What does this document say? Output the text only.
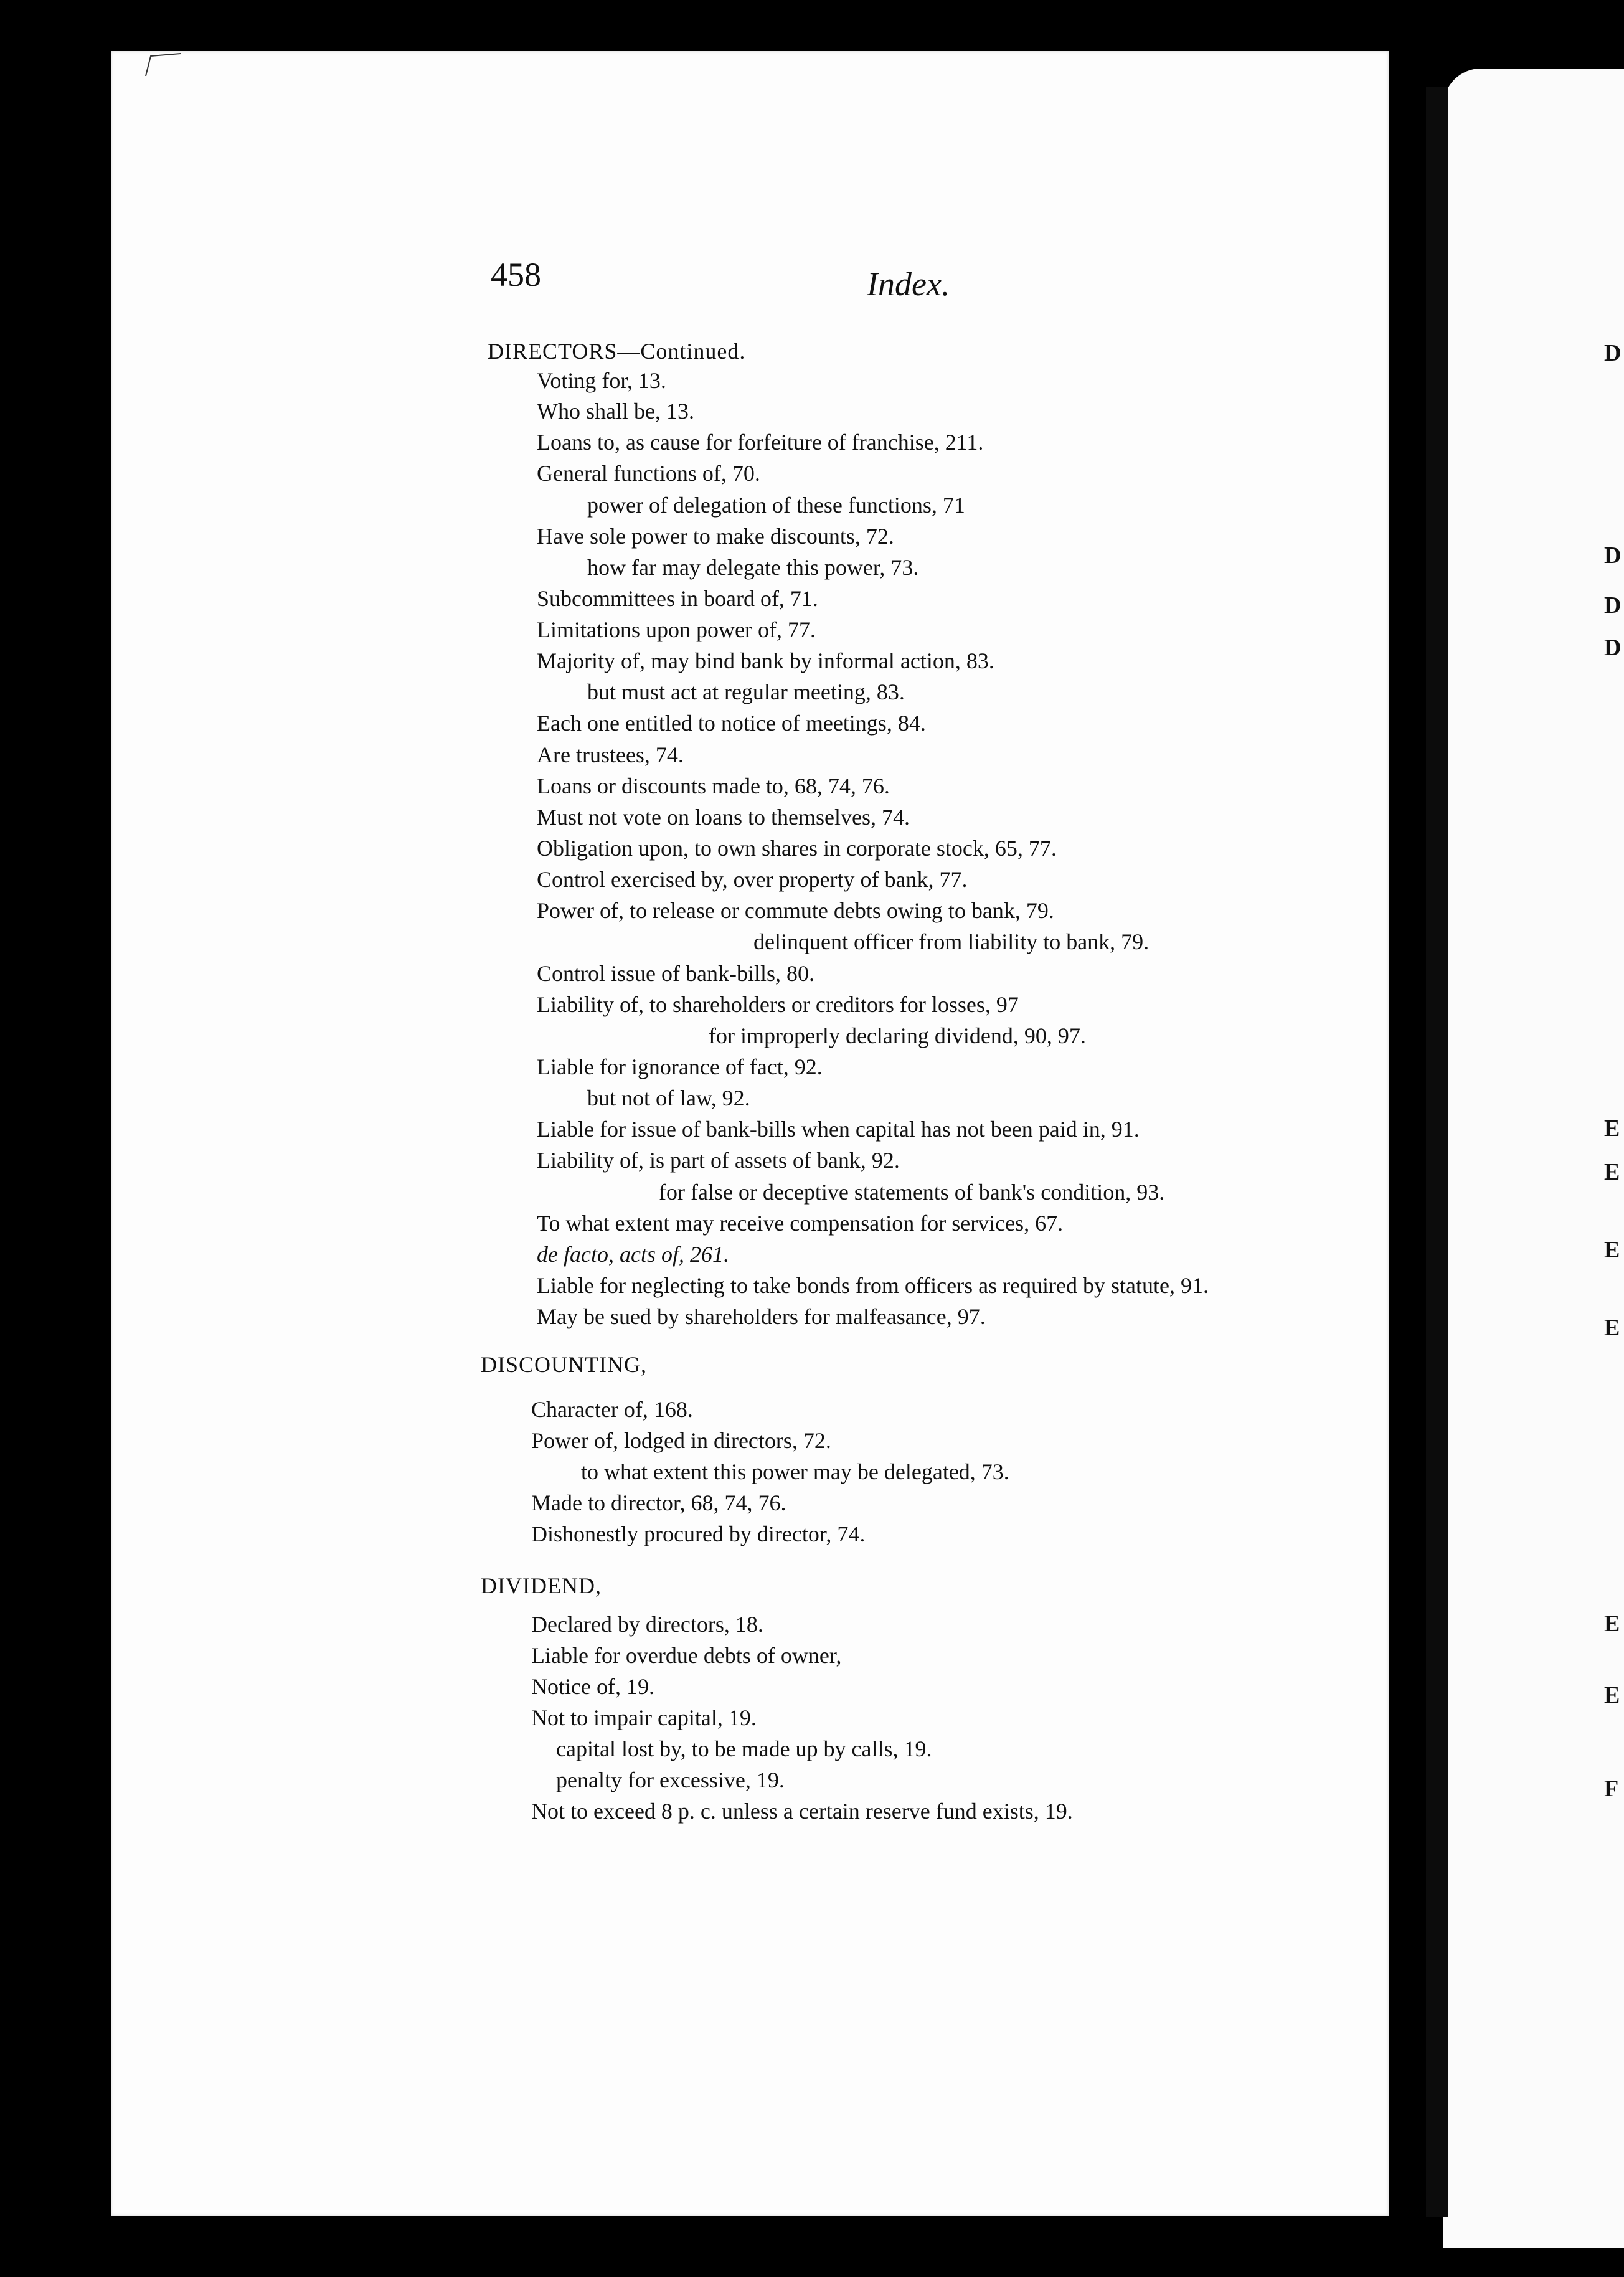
D
D
D
D
E
E
E
E
E
E
F
458	Index.
DIRECTORS—Continued.
Voting for, 13.
Who shall be, 13.
Loans to, as cause for forfeiture of franchise, 211.
General functions of, 70.
power of delegation of these functions, 71
Have sole power to make discounts, 72.
how far may delegate this power, 73.
Subcommittees in board of, 71.
Limitations upon power of, 77.
Majority of, may bind bank by informal action, 83.
but must act at regular meeting, 83.
Each one entitled to notice of meetings, 84.
Are trustees, 74.
Loans or discounts made to, 68, 74, 76.
Must not vote on loans to themselves, 74.
Obligation upon, to own shares in corporate stock, 65, 77.
Control exercised by, over property of bank, 77.
Power of, to release or commute debts owing to bank, 79.
delinquent officer from liability to bank, 79.
Control issue of bank-bills, 80.
Liability of, to shareholders or creditors for losses, 97
for improperly declaring dividend, 90, 97.
Liable for ignorance of fact, 92.
but not of law, 92.
Liable for issue of bank-bills when capital has not been paid in, 91.
Liability of, is part of assets of bank, 92.
for false or deceptive statements of bank's condition, 93.
To what extent may receive compensation for services, 67.
de facto, acts of, 261.
Liable for neglecting to take bonds from officers as required by statute, 91.
May be sued by shareholders for malfeasance, 97.
DISCOUNTING,
Character of, 168.
Power of, lodged in directors, 72.
to what extent this power may be delegated, 73.
Made to director, 68, 74, 76.
Dishonestly procured by director, 74.
DIVIDEND,
Declared by directors, 18.
Liable for overdue debts of owner,
Notice of, 19.
Not to impair capital, 19.
capital lost by, to be made up by calls, 19.
penalty for excessive, 19.
Not to exceed 8 p. c. unless a certain reserve fund exists, 19.
